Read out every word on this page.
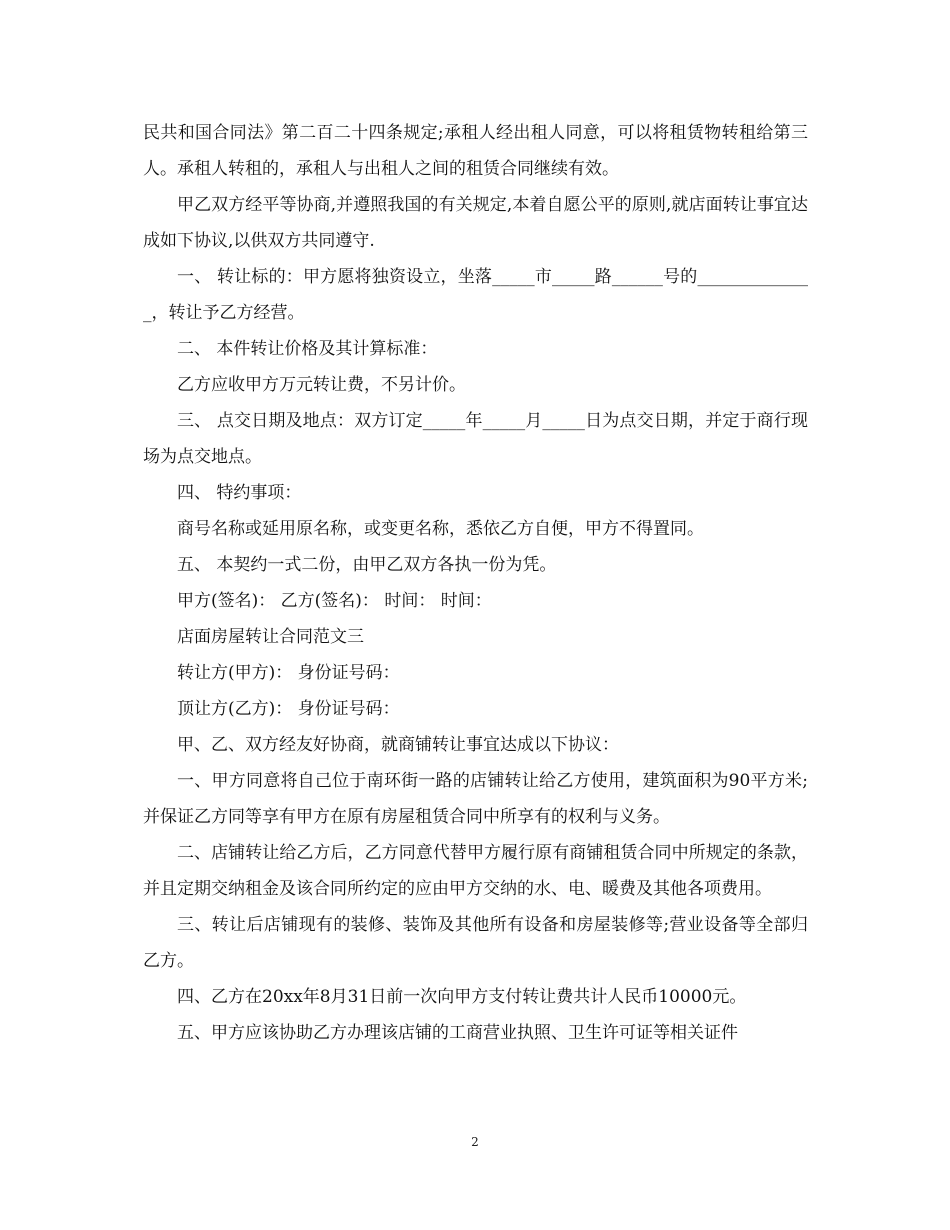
民共和国合同法》第二百二十四条规定;承租人经出租人同意，可以将租赁物转租给第三人。承租人转租的，承租人与出租人之间的租赁合同继续有效。

甲乙双方经平等协商,并遵照我国的有关规定,本着自愿公平的原则,就店面转让事宜达成如下协议,以供双方共同遵守.

一、 转让标的：甲方愿将独资设立，坐落_____市_____路______号的______________，转让予乙方经营。

二、 本件转让价格及其计算标准：

乙方应收甲方万元转让费，不另计价。

三、 点交日期及地点：双方订定_____年_____月_____日为点交日期，并定于商行现场为点交地点。

四、 特约事项：

商号名称或延用原名称，或变更名称，悉依乙方自便，甲方不得置同。

五、 本契约一式二份，由甲乙双方各执一份为凭。

甲方(签名)： 乙方(签名)： 时间： 时间：

店面房屋转让合同范文三

转让方(甲方)： 身份证号码：

顶让方(乙方)： 身份证号码：

甲、乙、双方经友好协商，就商铺转让事宜达成以下协议：

一、甲方同意将自己位于南环街一路的店铺转让给乙方使用，建筑面积为90平方米;并保证乙方同等享有甲方在原有房屋租赁合同中所享有的权利与义务。

二、店铺转让给乙方后，乙方同意代替甲方履行原有商铺租赁合同中所规定的条款，并且定期交纳租金及该合同所约定的应由甲方交纳的水、电、暖费及其他各项费用。

三、转让后店铺现有的装修、装饰及其他所有设备和房屋装修等;营业设备等全部归乙方。

四、乙方在20xx年8月31日前一次向甲方支付转让费共计人民币10000元。

五、甲方应该协助乙方办理该店铺的工商营业执照、卫生许可证等相关证件

2
